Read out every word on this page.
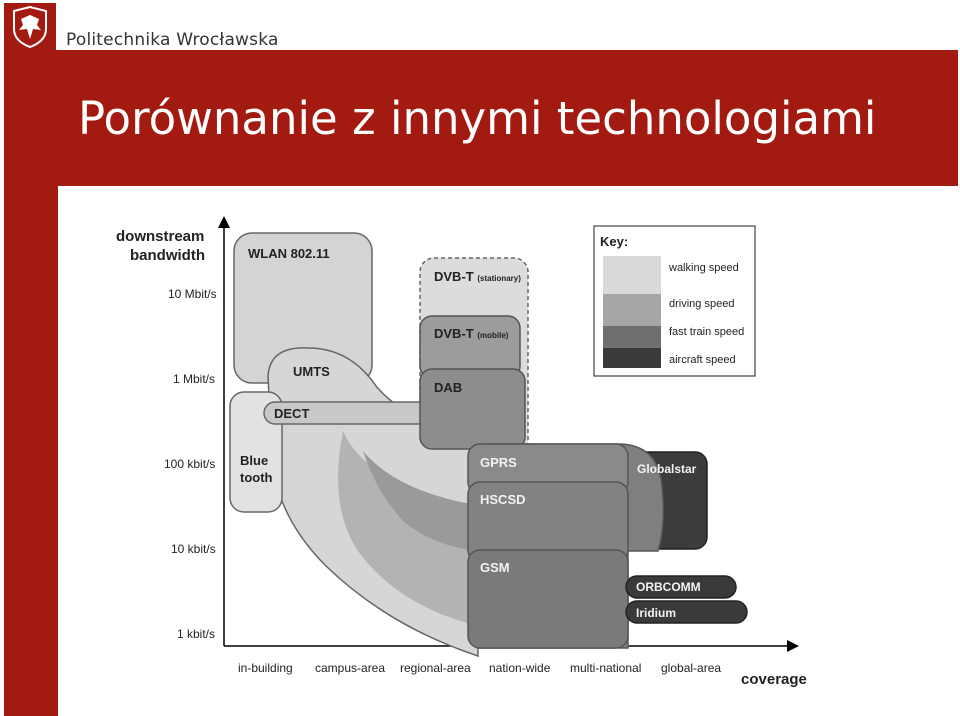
Politechnika Wrocławska
Porównanie z innymi technologiami
downstream
bandwidth
10 Mbit/s
1 Mbit/s
100 kbit/s
10 kbit/s
1 kbit/s
in-building campus-area regional-area nation-wide multi-national global-area
coverage
WLAN 802.11
UMTS
DECT
Blue
tooth
DVB-T (stationary)
DVB-T (mobile)
DAB
GPRS
HSCSD
GSM
Globalstar
ORBCOMM
Iridium
Key:
walking speed
driving speed
fast train speed
aircraft speed
